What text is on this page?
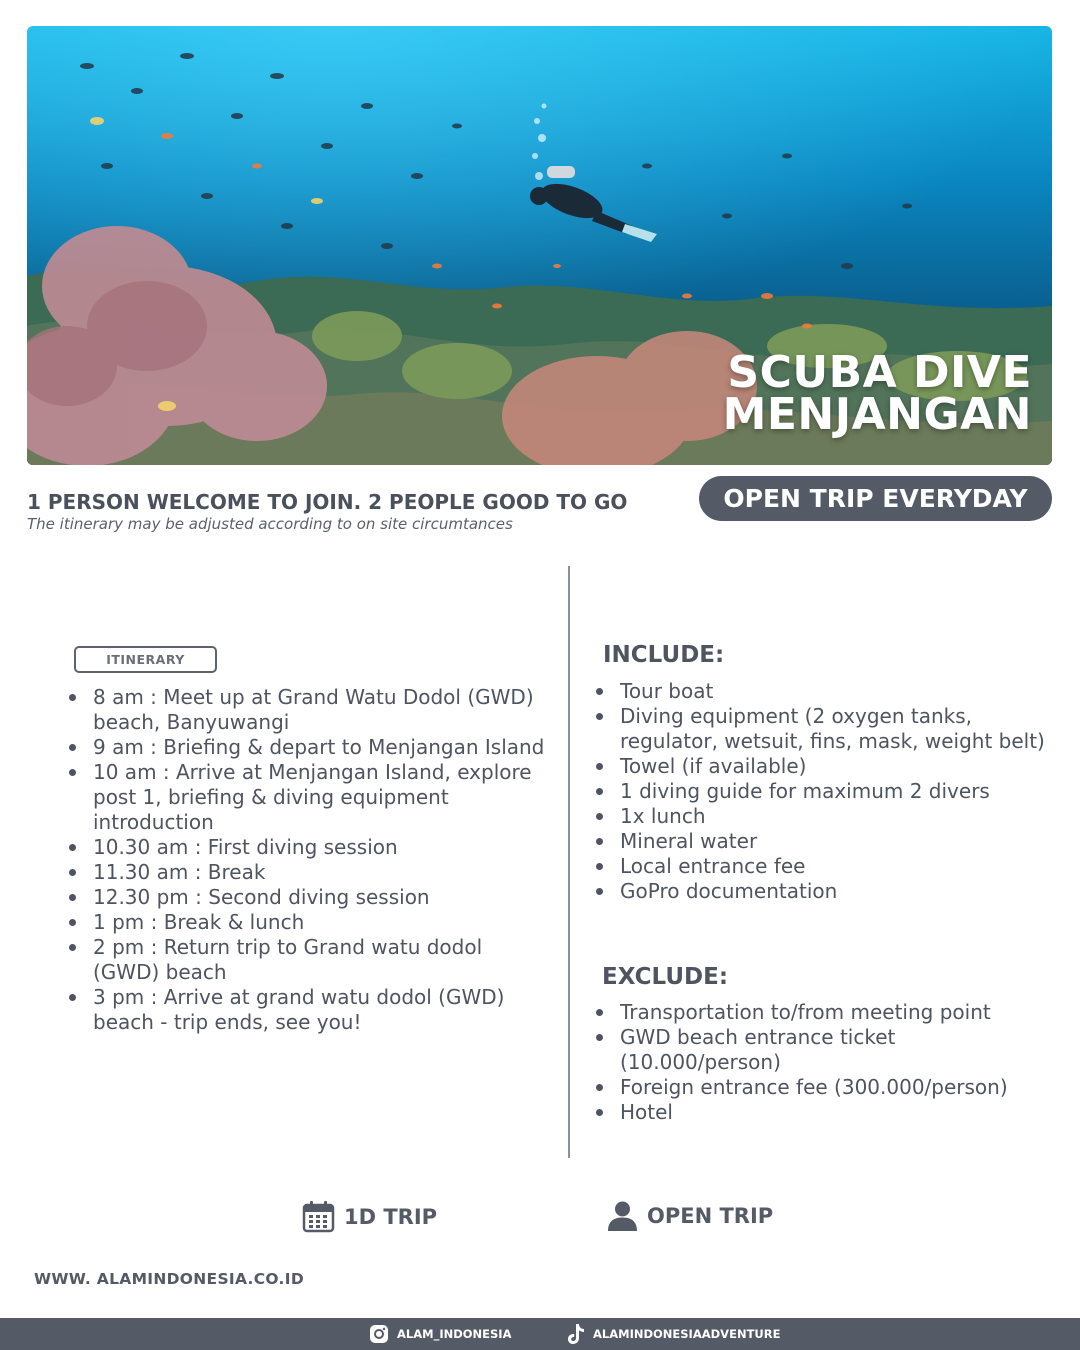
SCUBA DIVE
MENJANGAN
1 PERSON WELCOME TO JOIN. 2 PEOPLE GOOD TO GO
The itinerary may be adjusted according to on site circumtances
OPEN TRIP EVERYDAY
ITINERARY
8 am : Meet up at Grand Watu Dodol (GWD) beach, Banyuwangi
9 am : Briefing & depart to Menjangan Island
10 am : Arrive at Menjangan Island, explore post 1, briefing & diving equipment introduction
10.30 am : First diving session
11.30 am : Break
12.30 pm : Second diving session
1 pm : Break & lunch
2 pm : Return trip to Grand watu dodol (GWD) beach
3 pm : Arrive at grand watu dodol (GWD) beach - trip ends, see you!
INCLUDE:
Tour boat
Diving equipment (2 oxygen tanks, regulator, wetsuit, fins, mask, weight belt)
Towel (if available)
1 diving guide for maximum 2 divers
1x lunch
Mineral water
Local entrance fee
GoPro documentation
EXCLUDE:
Transportation to/from meeting point
GWD beach entrance ticket (10.000/person)
Foreign entrance fee (300.000/person)
Hotel
1D TRIP	OPEN TRIP
WWW. ALAMINDONESIA.CO.ID
ALAM_INDONESIA	ALAMINDONESIAADVENTURE
